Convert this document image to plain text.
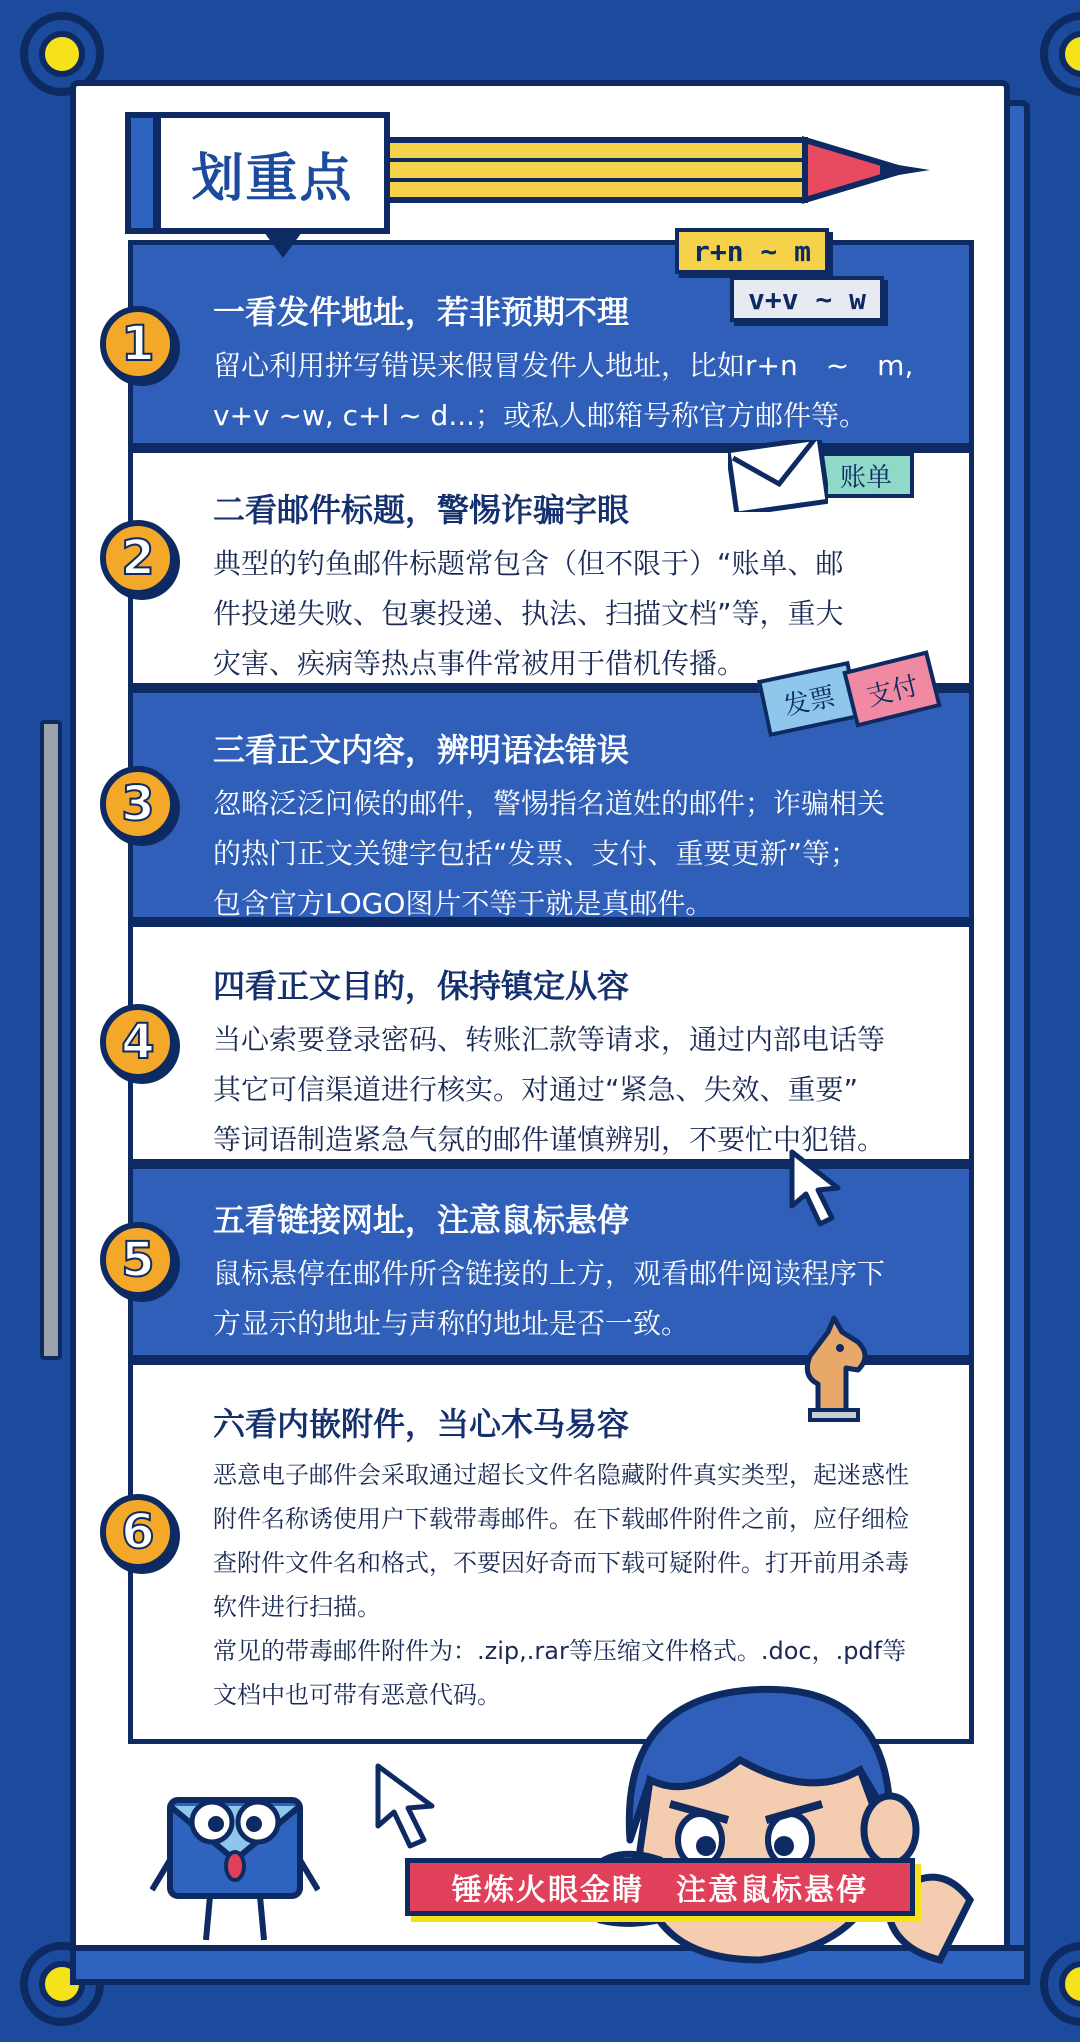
划重点
r+n ~ m
v+v ~ w
一看发件地址，若非预期不理
留心利用拼写错误来假冒发件人地址，比如r+n　~　m,
v+v ~w, c+l ~ d...；或私人邮箱号称官方邮件等。
1
二看邮件标题，警惕诈骗字眼
典型的钓鱼邮件标题常包含（但不限于）“账单、邮
件投递失败、包裹投递、执法、扫描文档”等，重大
灾害、疾病等热点事件常被用于借机传播。
2
账单
三看正文内容，辨明语法错误
忽略泛泛问候的邮件，警惕指名道姓的邮件；诈骗相关
的热门正文关键字包括“发票、支付、重要更新”等；
包含官方LOGO图片不等于就是真邮件。
3
发票 支付
四看正文目的，保持镇定从容
当心索要登录密码、转账汇款等请求，通过内部电话等
其它可信渠道进行核实。对通过“紧急、失效、重要”
等词语制造紧急气氛的邮件谨慎辨别，不要忙中犯错。
4
五看链接网址，注意鼠标悬停
鼠标悬停在邮件所含链接的上方，观看邮件阅读程序下
方显示的地址与声称的地址是否一致。
5
六看内嵌附件，当心木马易容
恶意电子邮件会采取通过超长文件名隐藏附件真实类型，起迷惑性
附件名称诱使用户下载带毒邮件。在下载邮件附件之前，应仔细检
查附件文件名和格式，不要因好奇而下载可疑附件。打开前用杀毒
软件进行扫描。
常见的带毒邮件附件为：.zip,.rar等压缩文件格式。.doc，.pdf等
文档中也可带有恶意代码。
6
锤炼火眼金睛　注意鼠标悬停
